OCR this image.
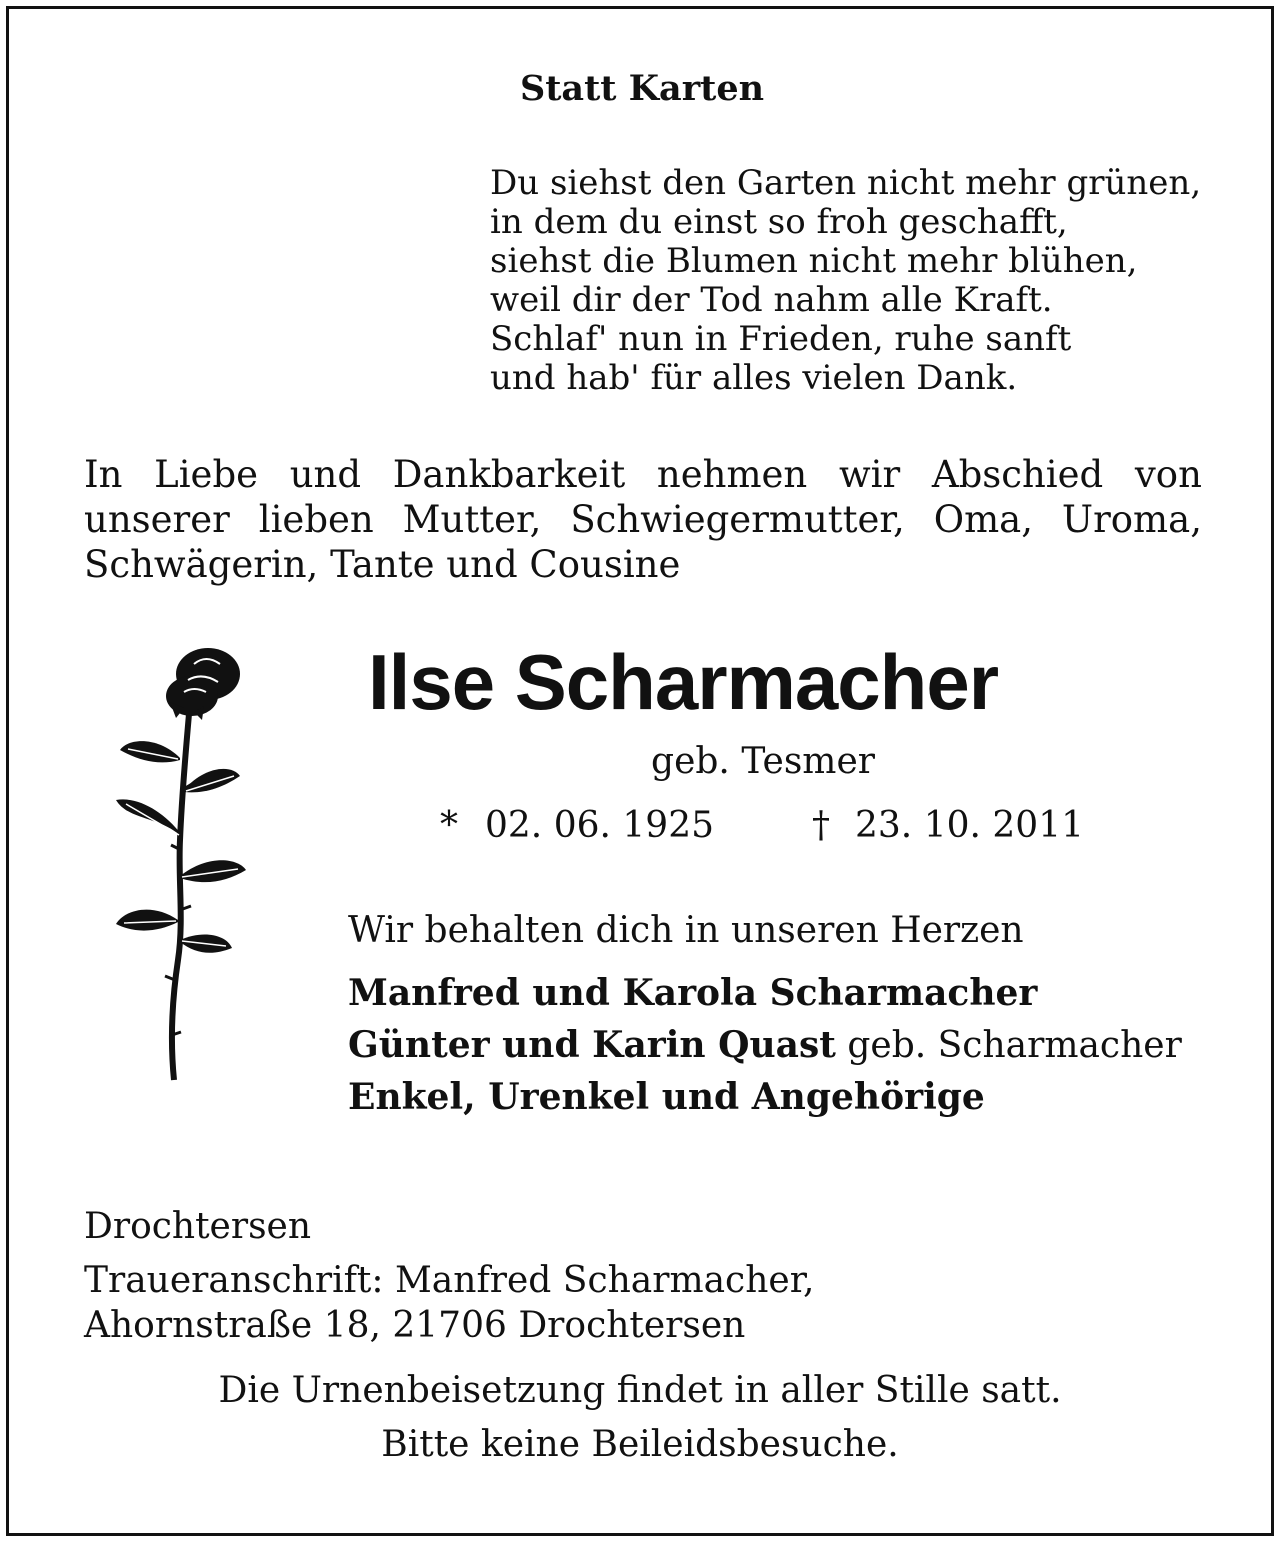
Statt Karten
Du siehst den Garten nicht mehr grünen,
in dem du einst so froh geschafft,
siehst die Blumen nicht mehr blühen,
weil dir der Tod nahm alle Kraft.
Schlaf' nun in Frieden, ruhe sanft
und hab' für alles vielen Dank.
In Liebe und Dankbarkeit nehmen wir Abschied von
unserer lieben Mutter, Schwiegermutter, Oma, Uroma,
Schwägerin, Tante und Cousine
Ilse Scharmacher
geb. Tesmer
* 02. 06. 1925	† 23. 10. 2011
Wir behalten dich in unseren Herzen
Manfred und Karola Scharmacher
Günter und Karin Quast geb. Scharmacher
Enkel, Urenkel und Angehörige
Drochtersen
Traueranschrift: Manfred Scharmacher,
Ahornstraße 18, 21706 Drochtersen
Die Urnenbeisetzung findet in aller Stille satt.
Bitte keine Beileidsbesuche.
